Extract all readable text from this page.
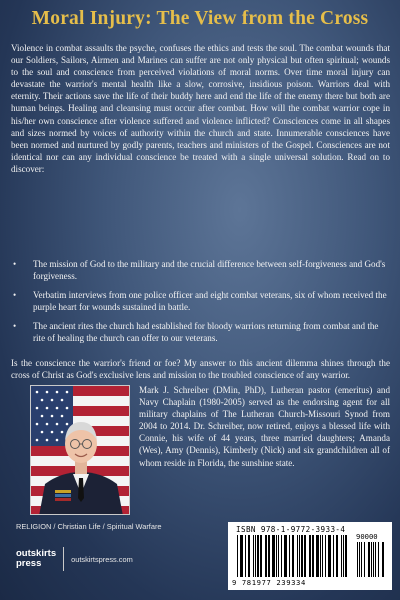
Moral Injury: The View from the Cross

Violence in combat assaults the psyche, confuses the ethics and tests the soul. The combat wounds that our Soldiers, Sailors, Airmen and Marines can suffer are not only physical but often spiritual; wounds to the soul and conscience from perceived violations of moral norms. Over time moral injury can devastate the warrior's mental health like a slow, corrosive, insidious poison. Warriors deal with eternity. Their actions save the life of their buddy here and end the life of the enemy there but both are human beings. Healing and cleansing must occur after combat. How will the combat warrior cope in his/her own conscience after violence suffered and violence inflicted? Consciences come in all shapes and sizes normed by voices of authority within the church and state. Innumerable consciences have been normed and nurtured by godly parents, teachers and ministers of the Gospel. Consciences are not identical nor can any individual conscience be treated with a single universal solution. Read on to discover:

• The mission of God to the military and the crucial difference between self-forgiveness and God's forgiveness.
• Verbatim interviews from one police officer and eight combat veterans, six of whom received the purple heart for wounds sustained in battle.
• The ancient rites the church had established for bloody warriors returning from combat and the rite of healing the church can offer to our veterans.

Is the conscience the warrior's friend or foe? My answer to this ancient dilemma shines through the cross of Christ as God's exclusive lens and mission to the troubled conscience of any warrior.

Mark J. Schreiber (DMin, PhD), Lutheran pastor (emeritus) and Navy Chaplain (1980-2005) served as the endorsing agent for all military chaplains of The Lutheran Church-Missouri Synod from 2004 to 2014. Dr. Schreiber, now retired, enjoys a blessed life with Connie, his wife of 44 years, three married daughters; Amanda (Wes), Amy (Dennis), Kimberly (Nick) and six grandchildren all of whom reside in Florida, the sunshine state.

RELIGION / Christian Life / Spiritual Warfare
outskirts
press	outskirtspress.com
ISBN 978-1-9772-3933-4
90000
9 781977 239334
